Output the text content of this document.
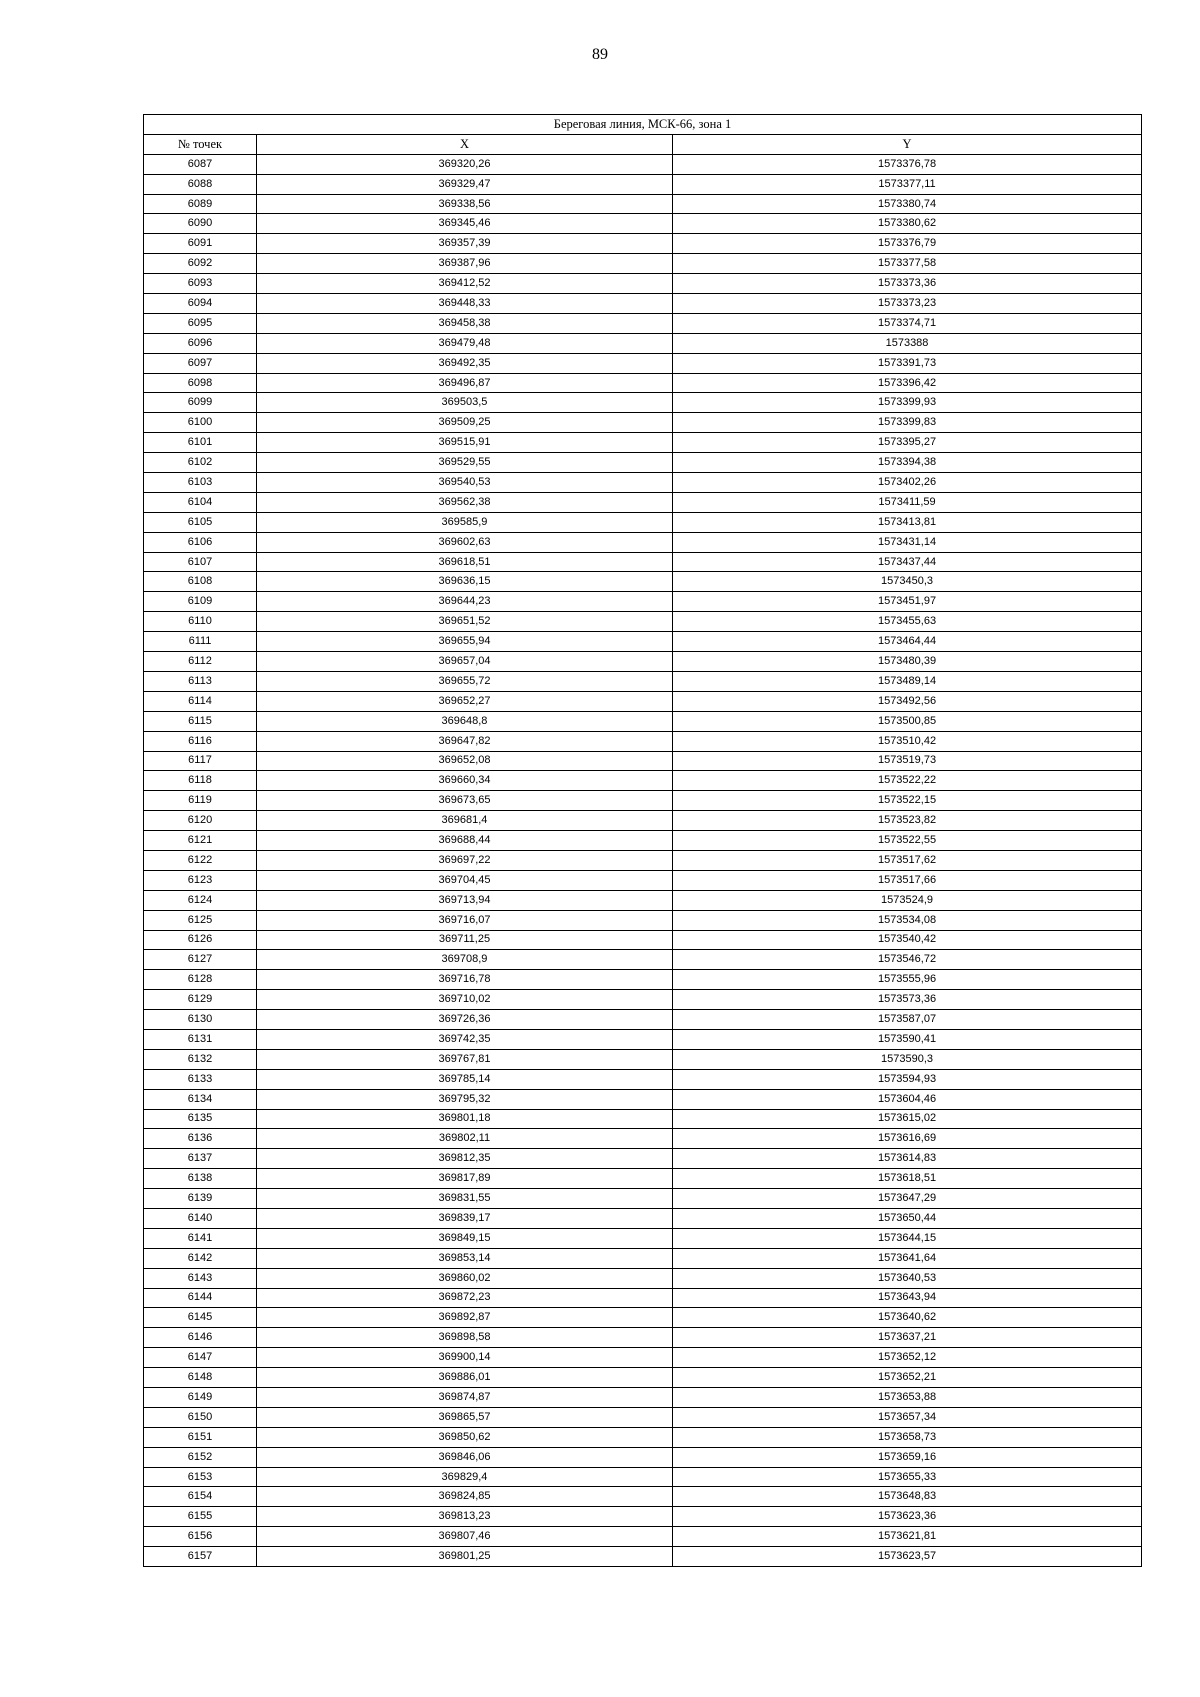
89
Береговая линия, МСК-66, зона 1		
№ точек	X	Y
6087	369320,26	1573376,78
6088	369329,47	1573377,11
6089	369338,56	1573380,74
6090	369345,46	1573380,62
6091	369357,39	1573376,79
6092	369387,96	1573377,58
6093	369412,52	1573373,36
6094	369448,33	1573373,23
6095	369458,38	1573374,71
6096	369479,48	1573388
6097	369492,35	1573391,73
6098	369496,87	1573396,42
6099	369503,5	1573399,93
6100	369509,25	1573399,83
6101	369515,91	1573395,27
6102	369529,55	1573394,38
6103	369540,53	1573402,26
6104	369562,38	1573411,59
6105	369585,9	1573413,81
6106	369602,63	1573431,14
6107	369618,51	1573437,44
6108	369636,15	1573450,3
6109	369644,23	1573451,97
6110	369651,52	1573455,63
6111	369655,94	1573464,44
6112	369657,04	1573480,39
6113	369655,72	1573489,14
6114	369652,27	1573492,56
6115	369648,8	1573500,85
6116	369647,82	1573510,42
6117	369652,08	1573519,73
6118	369660,34	1573522,22
6119	369673,65	1573522,15
6120	369681,4	1573523,82
6121	369688,44	1573522,55
6122	369697,22	1573517,62
6123	369704,45	1573517,66
6124	369713,94	1573524,9
6125	369716,07	1573534,08
6126	369711,25	1573540,42
6127	369708,9	1573546,72
6128	369716,78	1573555,96
6129	369710,02	1573573,36
6130	369726,36	1573587,07
6131	369742,35	1573590,41
6132	369767,81	1573590,3
6133	369785,14	1573594,93
6134	369795,32	1573604,46
6135	369801,18	1573615,02
6136	369802,11	1573616,69
6137	369812,35	1573614,83
6138	369817,89	1573618,51
6139	369831,55	1573647,29
6140	369839,17	1573650,44
6141	369849,15	1573644,15
6142	369853,14	1573641,64
6143	369860,02	1573640,53
6144	369872,23	1573643,94
6145	369892,87	1573640,62
6146	369898,58	1573637,21
6147	369900,14	1573652,12
6148	369886,01	1573652,21
6149	369874,87	1573653,88
6150	369865,57	1573657,34
6151	369850,62	1573658,73
6152	369846,06	1573659,16
6153	369829,4	1573655,33
6154	369824,85	1573648,83
6155	369813,23	1573623,36
6156	369807,46	1573621,81
6157	369801,25	1573623,57
